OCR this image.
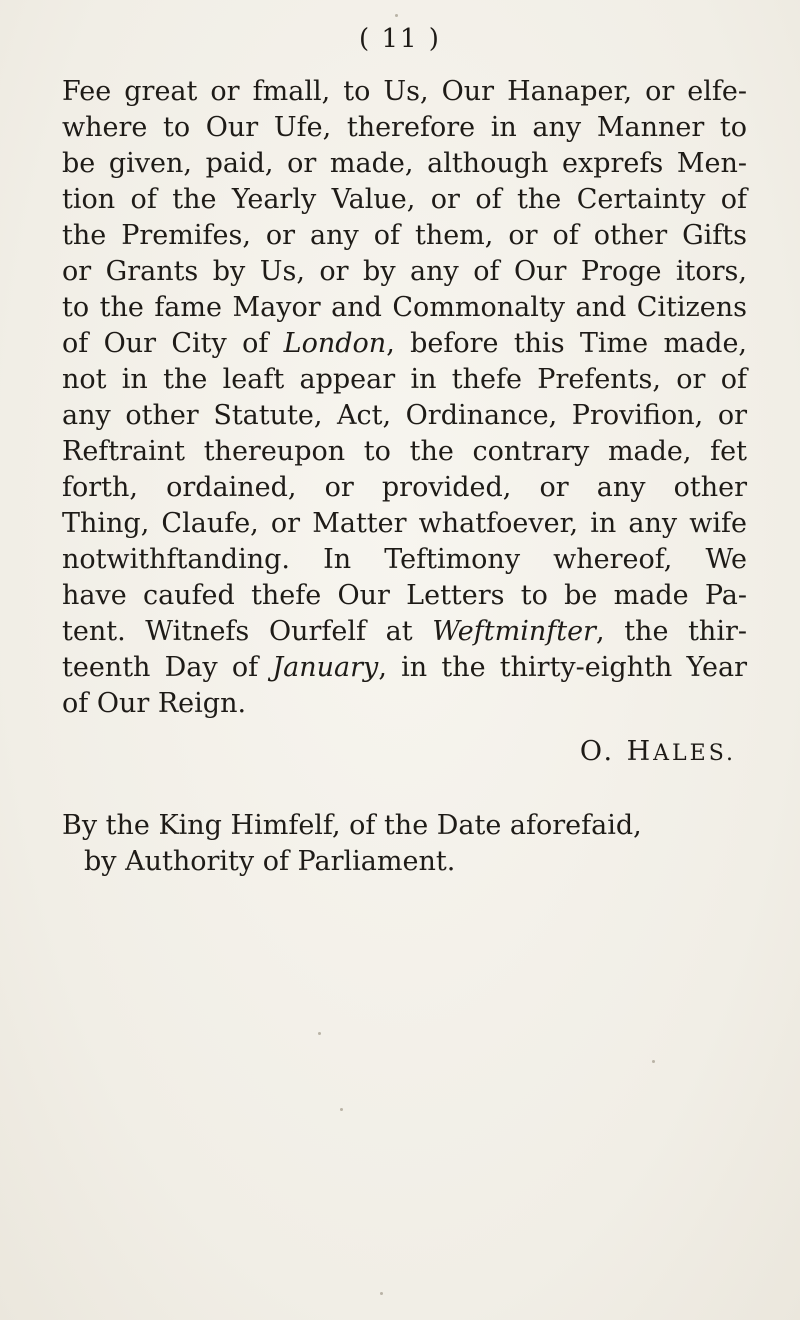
( 11 )
Fee great or fmall, to Us, Our Hanaper, or elfe-
where to Our Ufe, therefore in any Manner to
be given, paid, or made, although exprefs Men-
tion of the Yearly Value, or of the Certainty of
the Premifes, or any of them, or of other Gifts
or Grants by Us, or by any of Our Proge itors,
to the fame Mayor and Commonalty and Citizens
of Our City of London, before this Time made,
not in the leaft appear in thefe Prefents, or of
any other Statute, Act, Ordinance, Provifion, or
Reftraint thereupon to the contrary made, fet
forth, ordained, or provided, or any other
Thing, Claufe, or Matter whatfoever, in any wife
notwithftanding. In Teftimony whereof, We
have caufed thefe Our Letters to be made Pa-
tent. Witnefs Ourfelf at Weftminfter, the thir-
teenth Day of January, in the thirty-eighth Year
of Our Reign.
O. HALES.
By the King Himfelf, of the Date aforefaid,
by Authority of Parliament.
